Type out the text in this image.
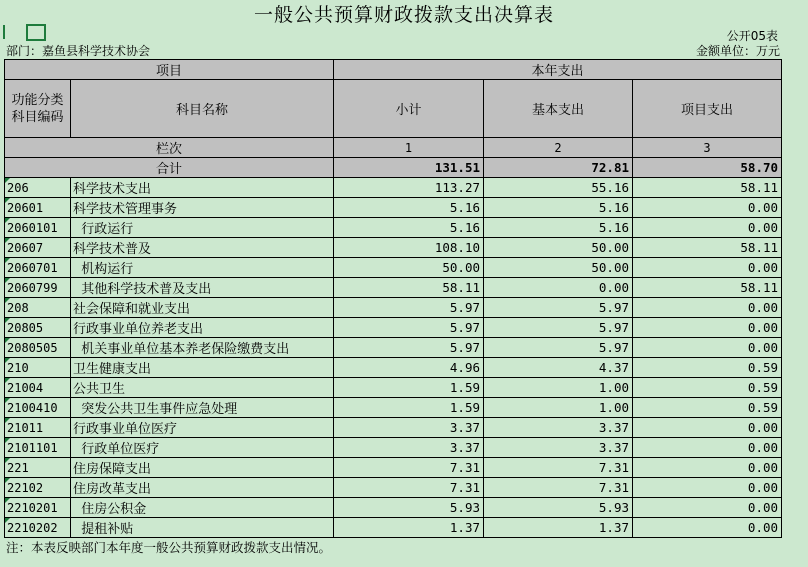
一般公共预算财政拨款支出决算表
公开05表
部门：嘉鱼县科学技术协会	金额单位：万元
项目		本年支出		
功能分类科目编码	科目名称	小计	基本支出	项目支出
栏次		1	2	3
合计		131.51	72.81	58.70
206	科学技术支出	113.27	55.16	58.11
20601	科学技术管理事务	5.16	5.16	0.00
2060101	行政运行	5.16	5.16	0.00
20607	科学技术普及	108.10	50.00	58.11
2060701	机构运行	50.00	50.00	0.00
2060799	其他科学技术普及支出	58.11	0.00	58.11
208	社会保障和就业支出	5.97	5.97	0.00
20805	行政事业单位养老支出	5.97	5.97	0.00
2080505	机关事业单位基本养老保险缴费支出	5.97	5.97	0.00
210	卫生健康支出	4.96	4.37	0.59
21004	公共卫生	1.59	1.00	0.59
2100410	突发公共卫生事件应急处理	1.59	1.00	0.59
21011	行政事业单位医疗	3.37	3.37	0.00
2101101	行政单位医疗	3.37	3.37	0.00
221	住房保障支出	7.31	7.31	0.00
22102	住房改革支出	7.31	7.31	0.00
2210201	住房公积金	5.93	5.93	0.00
2210202	提租补贴	1.37	1.37	0.00
注：本表反映部门本年度一般公共预算财政拨款支出情况。
